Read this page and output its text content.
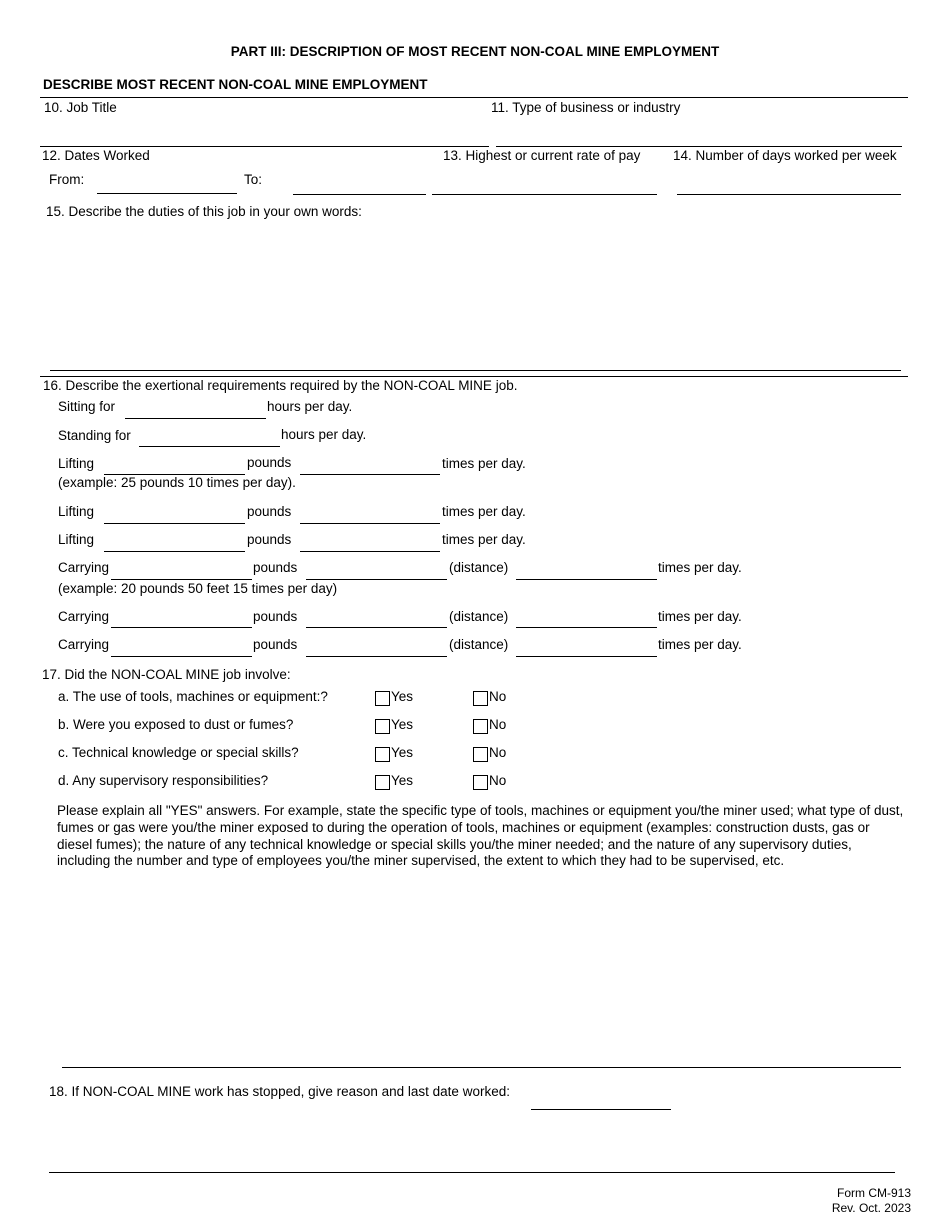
PART III: DESCRIPTION OF MOST RECENT NON-COAL MINE EMPLOYMENT
DESCRIBE MOST RECENT NON-COAL MINE EMPLOYMENT
10. Job Title	11. Type of business or industry
12. Dates Worked	13. Highest or current rate of pay 14. Number of days worked per week
From:	To:
15. Describe the duties of this job in your own words:
16. Describe the exertional requirements required by the NON-COAL MINE job.
Sitting for	hours per day.
Standing for	hours per day.
Lifting	pounds	times per day.
(example: 25 pounds 10 times per day).
Lifting	pounds	times per day.
Lifting	pounds	times per day.
Carrying	pounds	(distance)	times per day.
(example: 20 pounds 50 feet 15 times per day)
Carrying	pounds	(distance)	times per day.
Carrying	pounds	(distance)	times per day.
17. Did the NON-COAL MINE job involve:
a. The use of tools, machines or equipment:?	Yes	No
b. Were you exposed to dust or fumes?	Yes	No
c. Technical knowledge or special skills?	Yes	No
d. Any supervisory responsibilities?	Yes	No
Please explain all "YES" answers. For example, state the specific type of tools, machines or equipment you/the miner used; what type of dust, fumes or gas were you/the miner exposed to during the operation of tools, machines or equipment (examples: construction dusts, gas or diesel fumes); the nature of any technical knowledge or special skills you/the miner needed; and the nature of any supervisory duties, including the number and type of employees you/the miner supervised, the extent to which they had to be supervised, etc.
18. If NON-COAL MINE work has stopped, give reason and last date worked:
Form CM-913
Rev. Oct. 2023
